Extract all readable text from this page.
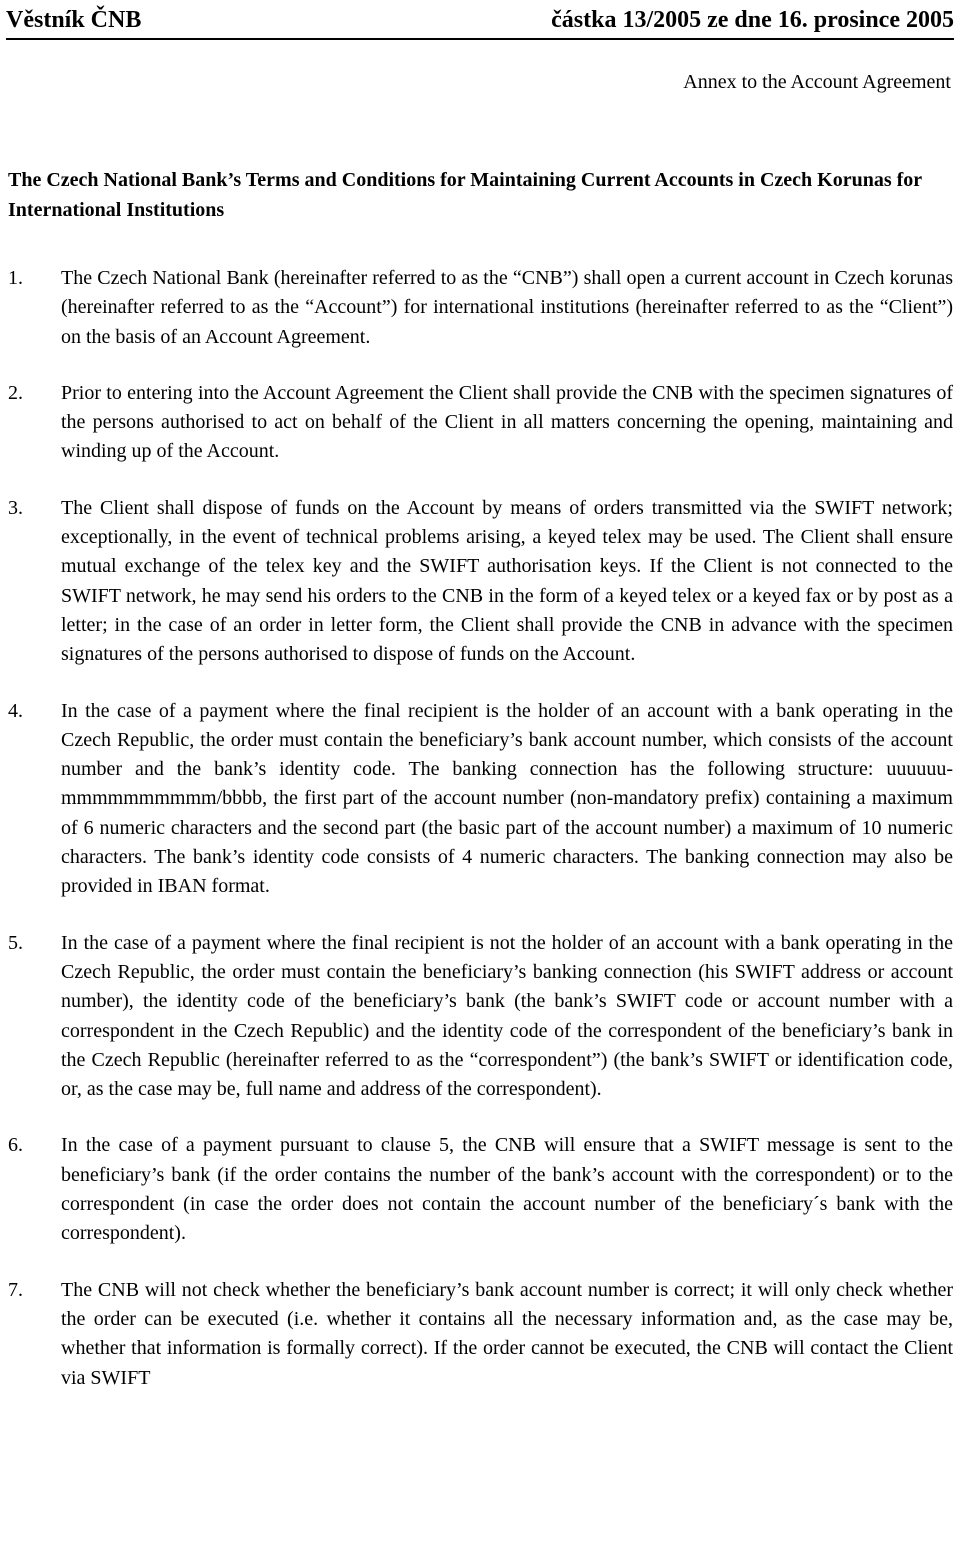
Věstník ČNB	částka 13/2005 ze dne 16. prosince 2005
Annex to the Account Agreement
The Czech National Bank’s Terms and Conditions for Maintaining Current Accounts in Czech Korunas for International Institutions
1. The Czech National Bank (hereinafter referred to as the “CNB”) shall open a current account in Czech korunas (hereinafter referred to as the “Account”) for international institutions (hereinafter referred to as the “Client”) on the basis of an Account Agreement.
2. Prior to entering into the Account Agreement the Client shall provide the CNB with the specimen signatures of the persons authorised to act on behalf of the Client in all matters concerning the opening, maintaining and winding up of the Account.
3. The Client shall dispose of funds on the Account by means of orders transmitted via the SWIFT network; exceptionally, in the event of technical problems arising, a keyed telex may be used. The Client shall ensure mutual exchange of the telex key and the SWIFT authorisation keys. If the Client is not connected to the SWIFT network, he may send his orders to the CNB in the form of a keyed telex or a keyed fax or by post as a letter; in the case of an order in letter form, the Client shall provide the CNB in advance with the specimen signatures of the persons authorised to dispose of funds on the Account.
4. In the case of a payment where the final recipient is the holder of an account with a bank operating in the Czech Republic, the order must contain the beneficiary’s bank account number, which consists of the account number and the bank’s identity code. The banking connection has the following structure: uuuuuu-mmmmmmmmmm/bbbb, the first part of the account number (non-mandatory prefix) containing a maximum of 6 numeric characters and the second part (the basic part of the account number) a maximum of 10 numeric characters. The bank’s identity code consists of 4 numeric characters. The banking connection may also be provided in IBAN format.
5. In the case of a payment where the final recipient is not the holder of an account with a bank operating in the Czech Republic, the order must contain the beneficiary’s banking connection (his SWIFT address or account number), the identity code of the beneficiary’s bank (the bank’s SWIFT code or account number with a correspondent in the Czech Republic) and the identity code of the correspondent of the beneficiary’s bank in the Czech Republic (hereinafter referred to as the “correspondent”) (the bank’s SWIFT or identification code, or, as the case may be, full name and address of the correspondent).
6. In the case of a payment pursuant to clause 5, the CNB will ensure that a SWIFT message is sent to the beneficiary’s bank (if the order contains the number of the bank’s account with the correspondent) or to the correspondent (in case the order does not contain the account number of the beneficiary´s bank with the correspondent).
7. The CNB will not check whether the beneficiary’s bank account number is correct; it will only check whether the order can be executed (i.e. whether it contains all the necessary information and, as the case may be, whether that information is formally correct). If the order cannot be executed, the CNB will contact the Client via SWIFT
